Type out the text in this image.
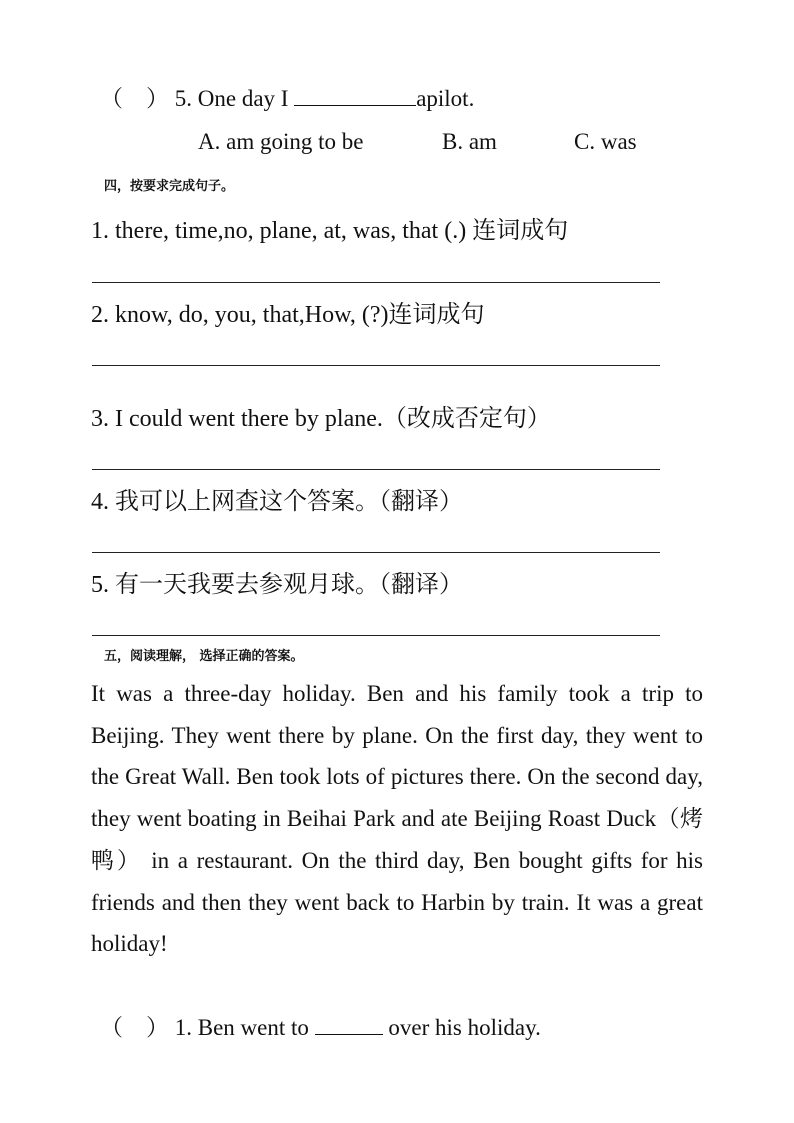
（　） 5. One day I	apilot.
A. am going to be	B. am	C. was
四，按要求完成句子。
1. there, time,no, plane, at, was, that (.) 连词成句
2. know, do, you, that,How, (?)连词成句
3. I could went there by plane.（改成否定句）
4. 我可以上网查这个答案。（翻译）
5. 有一天我要去参观月球。（翻译）
五，阅读理解， 选择正确的答案。

It was a three-day holiday. Ben and his family took a trip to Beijing. They went there by plane. On the first day, they went to the Great Wall. Ben took lots of pictures there. On the second day, they went boating in Beihai Park and ate Beijing Roast Duck（烤鸭） in a restaurant. On the third day, Ben bought gifts for his friends and then they went back to Harbin by train. It was a great holiday!

（　） 1. Ben went to	over his holiday.
